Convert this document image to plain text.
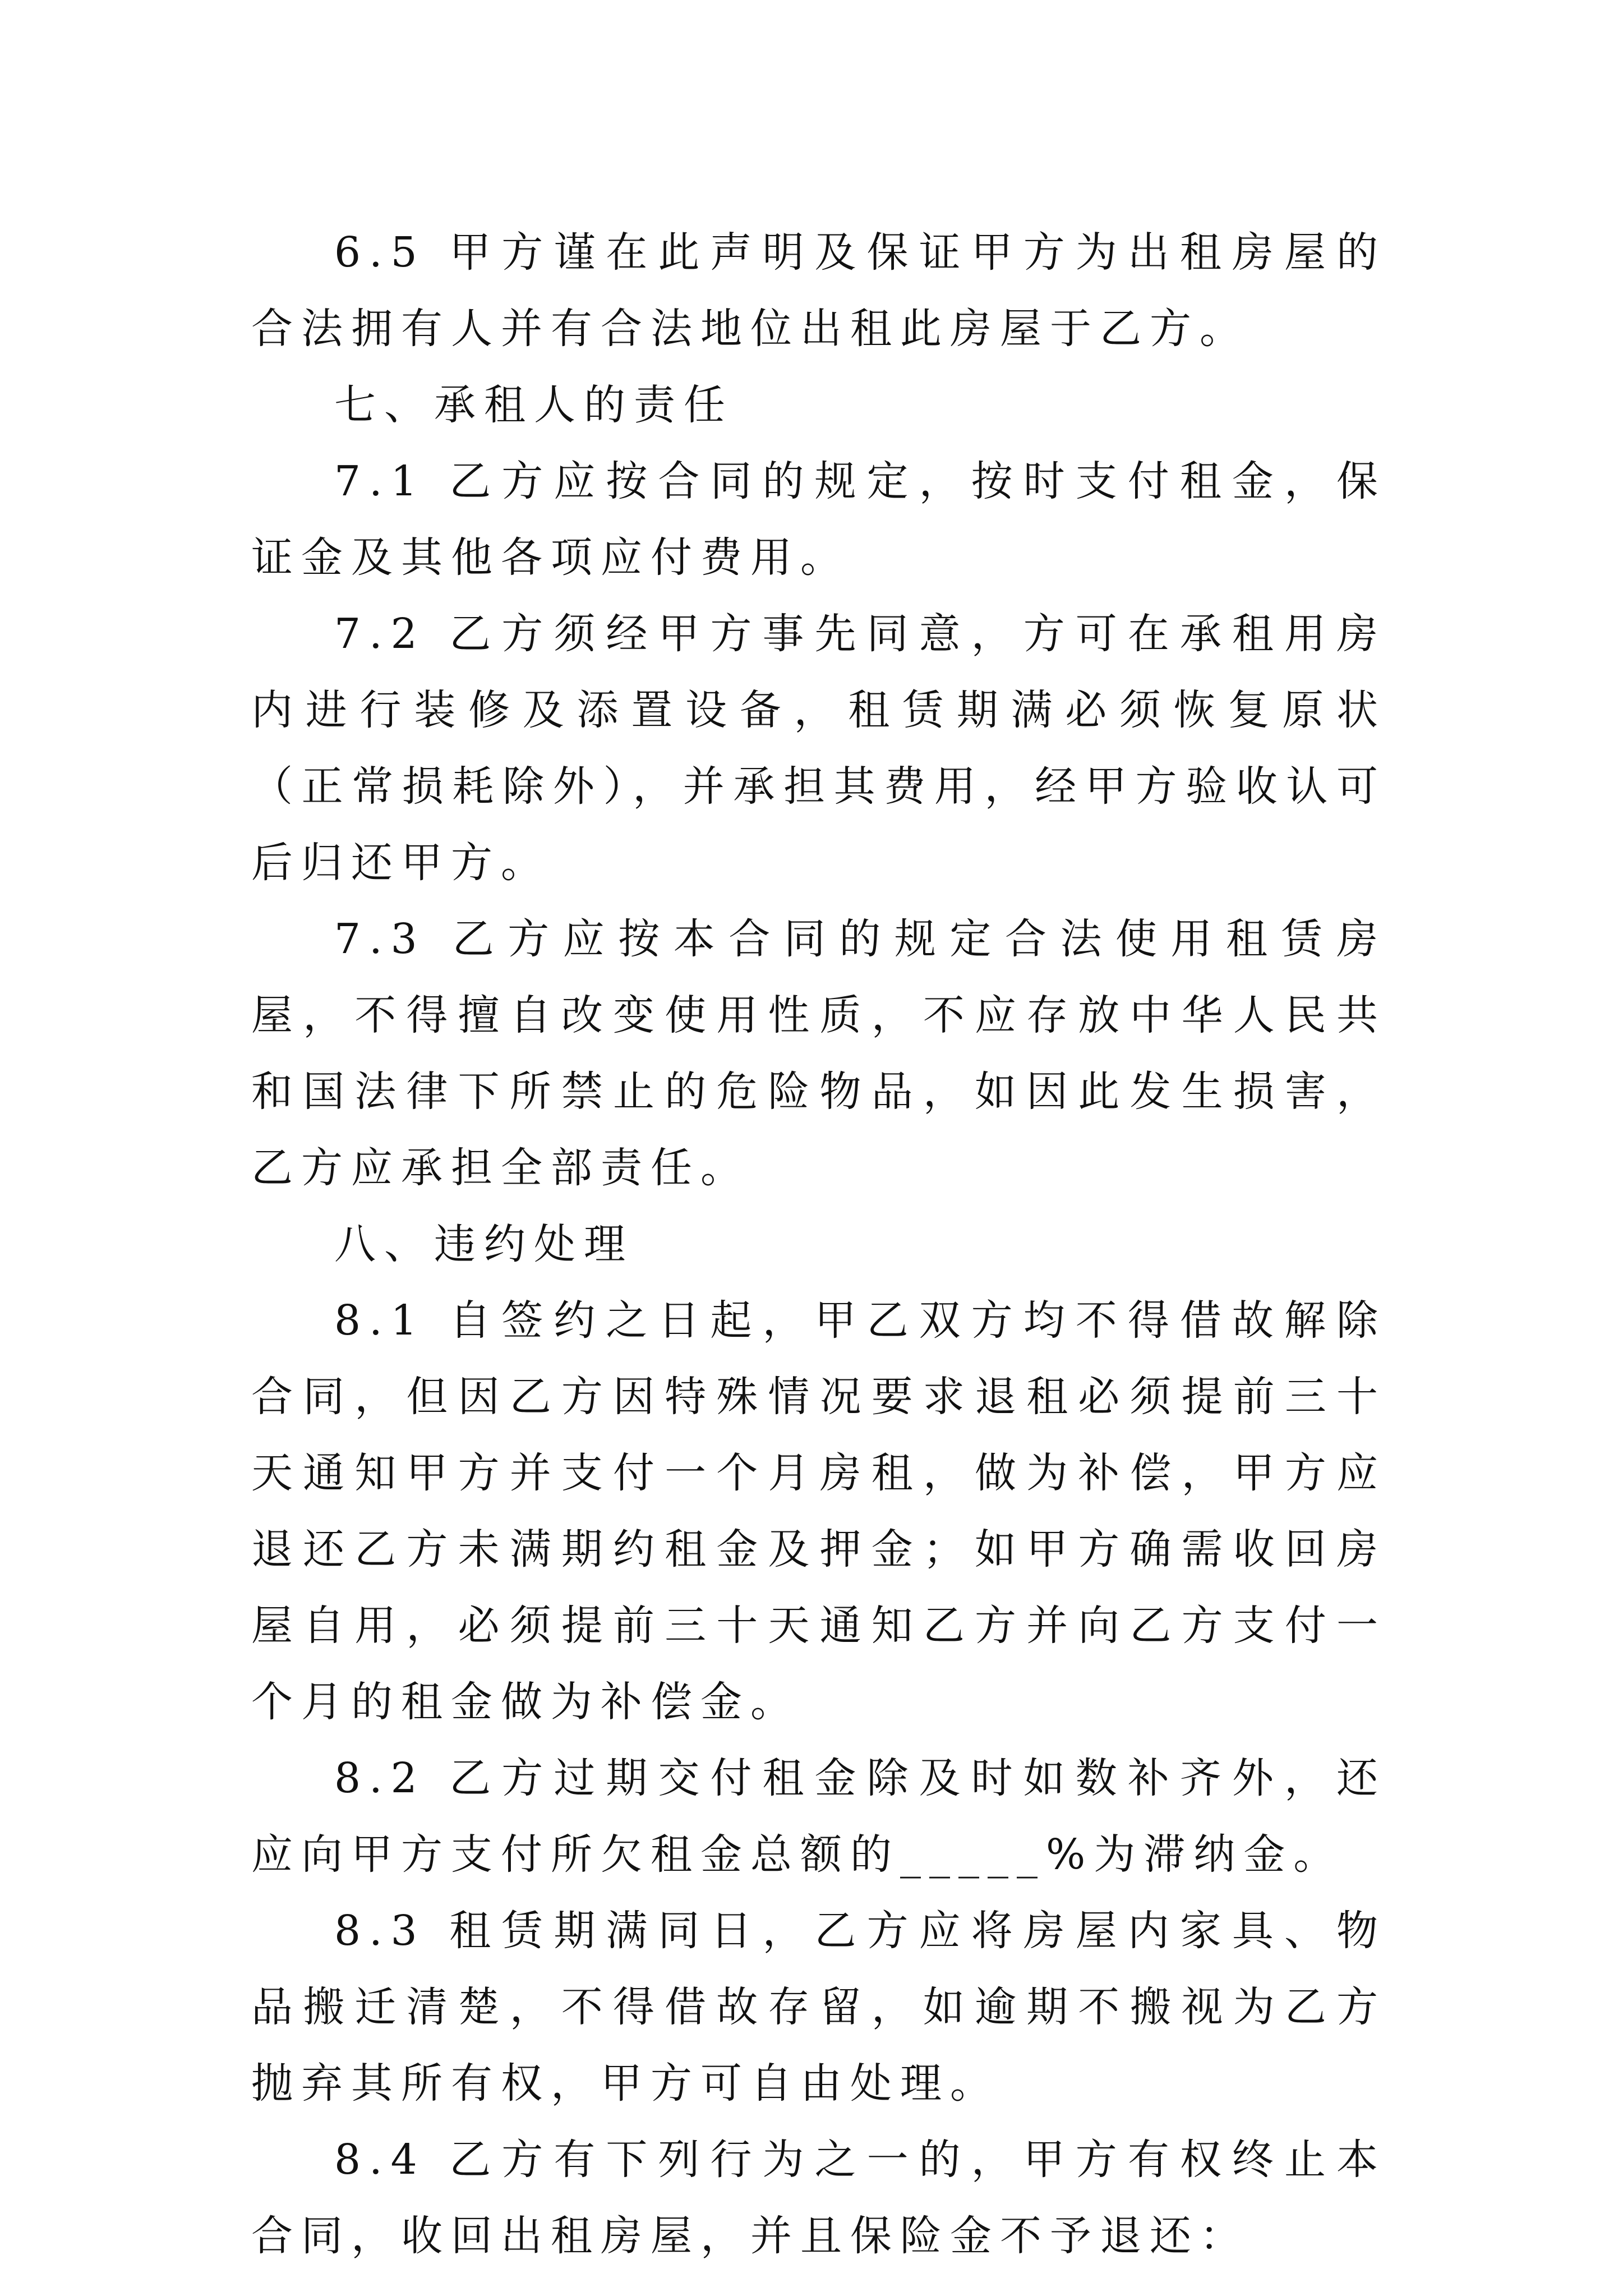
6.5 甲方谨在此声明及保证甲方为出租房屋的合法拥有人并有合法地位出租此房屋于乙方。

七、承租人的责任

7.1 乙方应按合同的规定，按时支付租金，保证金及其他各项应付费用。

7.2 乙方须经甲方事先同意，方可在承租用房内进行装修及添置设备，租赁期满必须恢复原状（正常损耗除外），并承担其费用，经甲方验收认可后归还甲方。

7.3 乙方应按本合同的规定合法使用租赁房屋，不得擅自改变使用性质，不应存放中华人民共和国法律下所禁止的危险物品，如因此发生损害，乙方应承担全部责任。

八、违约处理

8.1 自签约之日起，甲乙双方均不得借故解除合同，但因乙方因特殊情况要求退租必须提前三十天通知甲方并支付一个月房租，做为补偿，甲方应退还乙方未满期约租金及押金；如甲方确需收回房屋自用，必须提前三十天通知乙方并向乙方支付一个月的租金做为补偿金。

8.2 乙方过期交付租金除及时如数补齐外，还应向甲方支付所欠租金总额的_____%为滞纳金。

8.3 租赁期满同日，乙方应将房屋内家具、物品搬迁清楚，不得借故存留，如逾期不搬视为乙方抛弃其所有权，甲方可自由处理。

8.4 乙方有下列行为之一的，甲方有权终止本合同，收回出租房屋，并且保险金不予退还：
